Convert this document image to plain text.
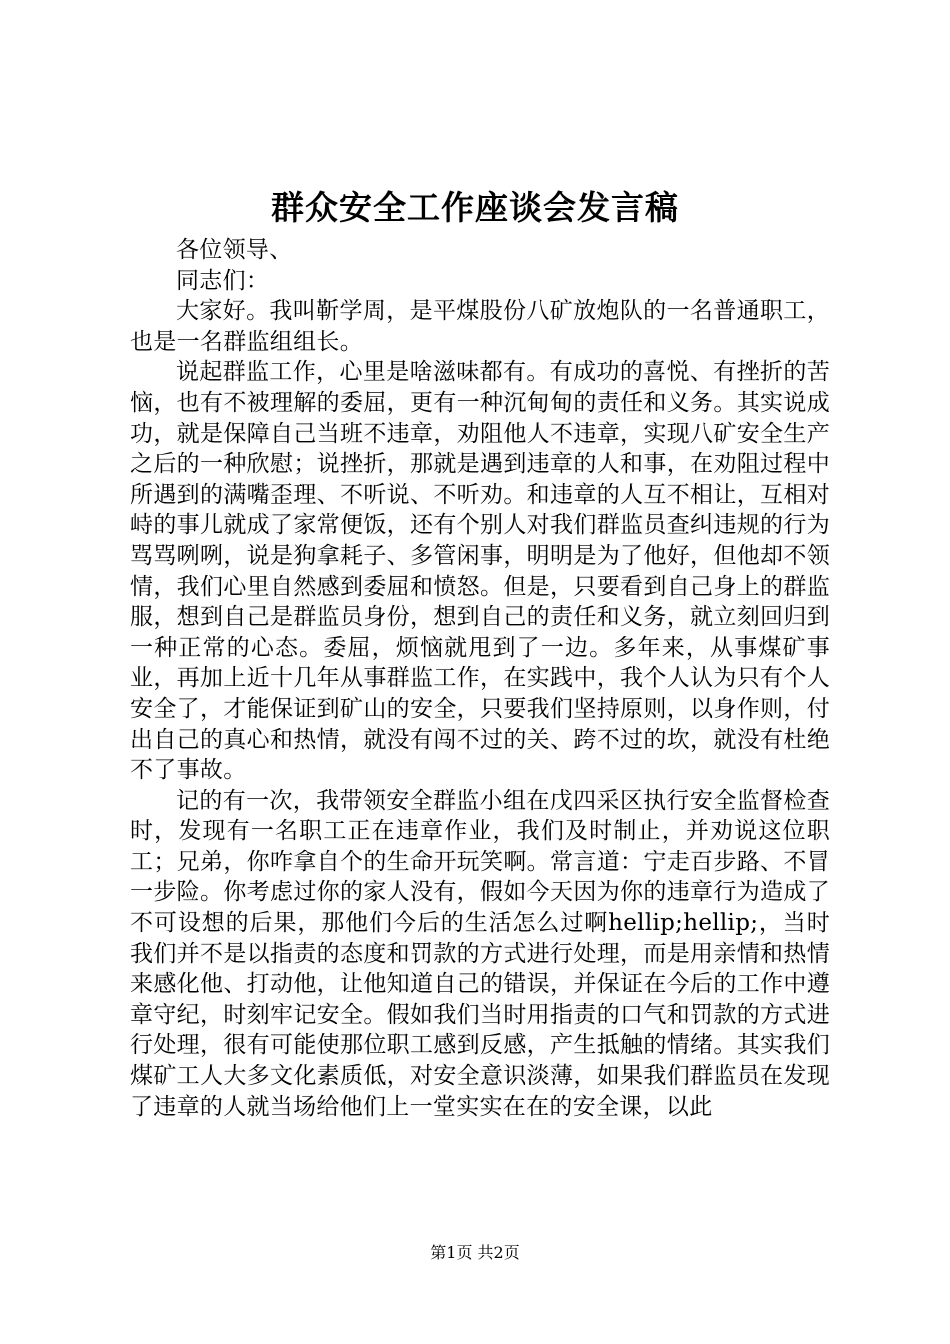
群众安全工作座谈会发言稿

各位领导、

同志们：

大家好。我叫靳学周，是平煤股份八矿放炮队的一名普通职工，也是一名群监组组长。

说起群监工作，心里是啥滋味都有。有成功的喜悦、有挫折的苦恼，也有不被理解的委屈，更有一种沉甸甸的责任和义务。其实说成功，就是保障自己当班不违章，劝阻他人不违章，实现八矿安全生产之后的一种欣慰；说挫折，那就是遇到违章的人和事，在劝阻过程中所遇到的满嘴歪理、不听说、不听劝。和违章的人互不相让，互相对峙的事儿就成了家常便饭，还有个别人对我们群监员查纠违规的行为骂骂咧咧，说是狗拿耗子、多管闲事，明明是为了他好，但他却不领情，我们心里自然感到委屈和愤怒。但是，只要看到自己身上的群监服，想到自己是群监员身份，想到自己的责任和义务，就立刻回归到一种正常的心态。委屈，烦恼就甩到了一边。多年来，从事煤矿事业，再加上近十几年从事群监工作，在实践中，我个人认为只有个人安全了，才能保证到矿山的安全，只要我们坚持原则，以身作则，付出自己的真心和热情，就没有闯不过的关、跨不过的坎，就没有杜绝不了事故。

记的有一次，我带领安全群监小组在戊四采区执行安全监督检查时，发现有一名职工正在违章作业，我们及时制止，并劝说这位职工；兄弟，你咋拿自个的生命开玩笑啊。常言道：宁走百步路、不冒一步险。你考虑过你的家人没有，假如今天因为你的违章行为造成了不可设想的后果，那他们今后的生活怎么过啊hellip;hellip;，当时我们并不是以指责的态度和罚款的方式进行处理，而是用亲情和热情来感化他、打动他，让他知道自己的错误，并保证在今后的工作中遵章守纪，时刻牢记安全。假如我们当时用指责的口气和罚款的方式进行处理，很有可能使那位职工感到反感，产生抵触的情绪。其实我们煤矿工人大多文化素质低，对安全意识淡薄，如果我们群监员在发现了违章的人就当场给他们上一堂实实在在的安全课，以此

第1页 共2页
